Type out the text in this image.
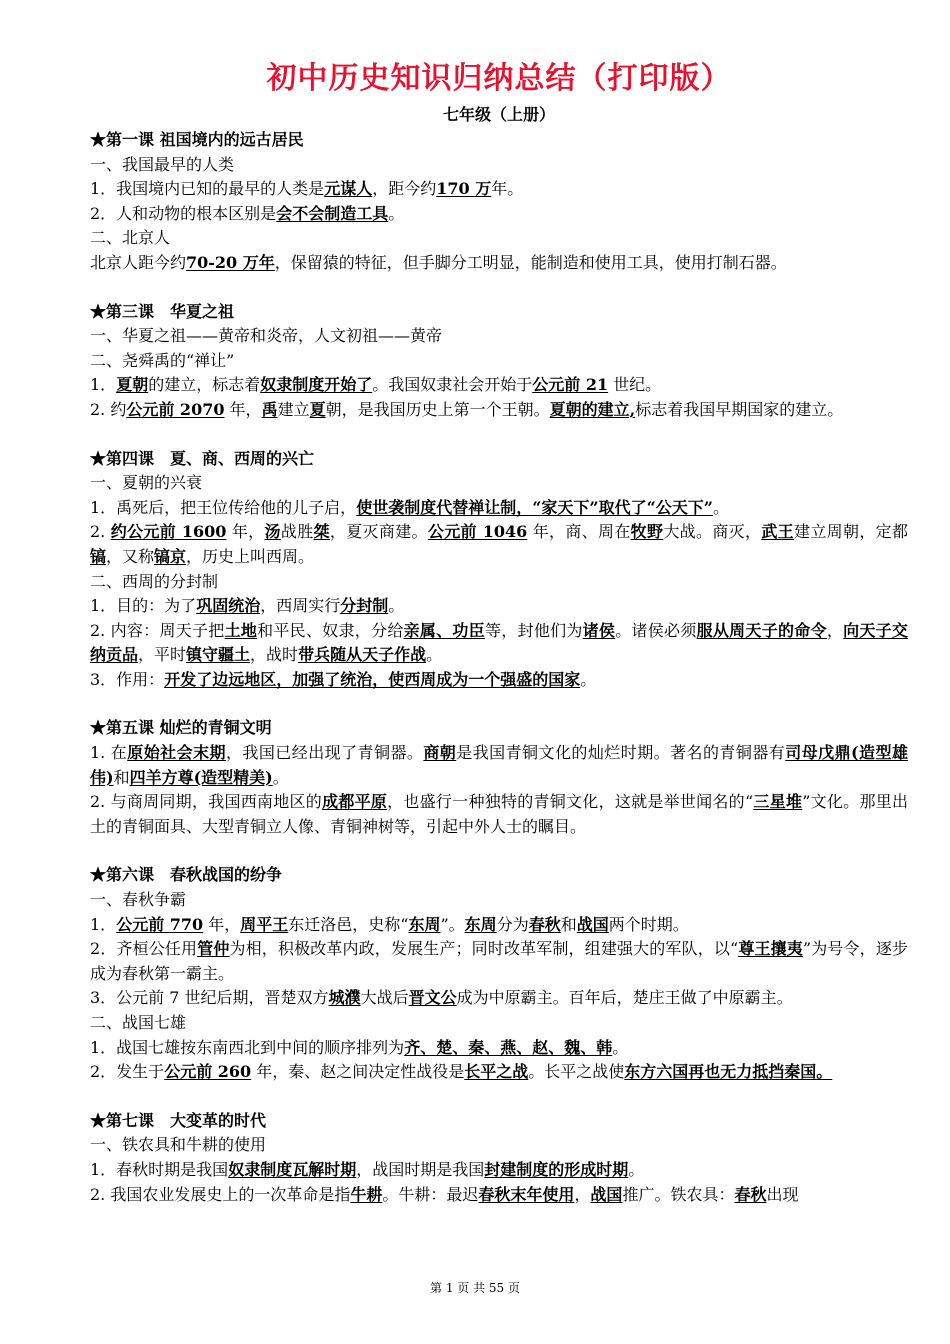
初中历史知识归纳总结（打印版）
七年级（上册）
★第一课 祖国境内的远古居民
一、我国最早的人类
1．我国境内已知的最早的人类是元谋人，距今约170 万年。
2．人和动物的根本区别是会不会制造工具。
二、北京人
北京人距今约70-20 万年，保留猿的特征，但手脚分工明显，能制造和使用工具，使用打制石器。
★第三课　华夏之祖
一、华夏之祖——黄帝和炎帝，人文初祖——黄帝
二、尧舜禹的“禅让”
1．夏朝的建立，标志着奴隶制度开始了。我国奴隶社会开始于公元前 21 世纪。
2. 约公元前 2070 年，禹建立夏朝，是我国历史上第一个王朝。夏朝的建立,标志着我国早期国家的建立。
★第四课　夏、商、西周的兴亡
一、夏朝的兴衰
1．禹死后，把王位传给他的儿子启，使世袭制度代替禅让制，“家天下”取代了“公天下”。
2. 约公元前 1600 年，汤战胜桀，夏灭商建。公元前 1046 年，商、周在牧野大战。商灭，武王建立周朝，定都镐，又称镐京，历史上叫西周。
二、西周的分封制
1．目的：为了巩固统治，西周实行分封制。
2. 内容：周天子把土地和平民、奴隶，分给亲属、功臣等，封他们为诸侯。诸侯必须服从周天子的命令，向天子交纳贡品，平时镇守疆土，战时带兵随从天子作战。
3．作用：开发了边远地区，加强了统治，使西周成为一个强盛的国家。
★第五课 灿烂的青铜文明
1. 在原始社会末期，我国已经出现了青铜器。商朝是我国青铜文化的灿烂时期。著名的青铜器有司母戊鼎(造型雄伟)和四羊方尊(造型精美)。
2. 与商周同期，我国西南地区的成都平原，也盛行一种独特的青铜文化，这就是举世闻名的“三星堆”文化。那里出土的青铜面具、大型青铜立人像、青铜神树等，引起中外人士的瞩目。
★第六课　春秋战国的纷争
一、春秋争霸
1．公元前 770 年，周平王东迁洛邑，史称“东周”。东周分为春秋和战国两个时期。
2．齐桓公任用管仲为相，积极改革内政，发展生产；同时改革军制，组建强大的军队，以“尊王攘夷”为号令，逐步成为春秋第一霸主。
3．公元前 7 世纪后期，晋楚双方城濮大战后晋文公成为中原霸主。百年后，楚庄王做了中原霸主。
二、战国七雄
1．战国七雄按东南西北到中间的顺序排列为齐、楚、秦、燕、赵、魏、韩。
2．发生于公元前 260 年，秦、赵之间决定性战役是长平之战。长平之战使东方六国再也无力抵挡秦国。
★第七课　大变革的时代
一、铁农具和牛耕的使用
1．春秋时期是我国奴隶制度瓦解时期，战国时期是我国封建制度的形成时期。
2. 我国农业发展史上的一次革命是指牛耕。牛耕：最迟春秋末年使用，战国推广。铁农具：春秋出现
第 1 页 共 55 页
